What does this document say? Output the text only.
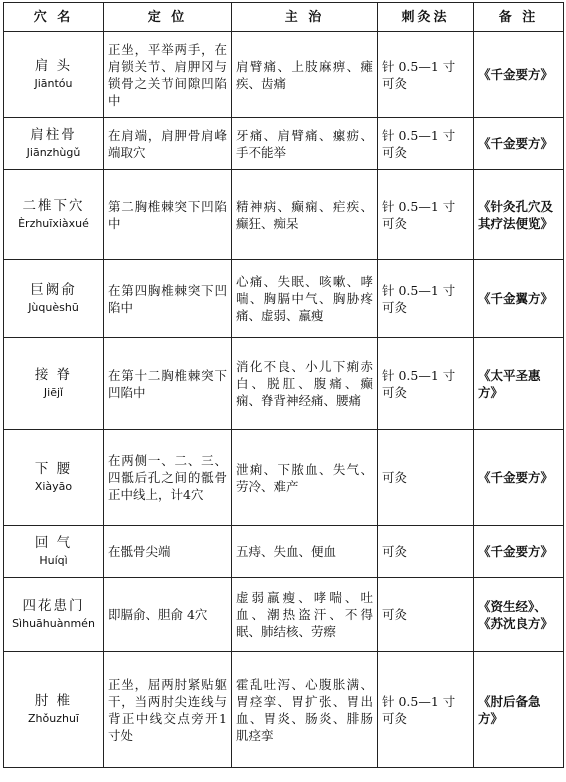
穴 名	定 位	主 治	刺灸法	备 注

肩 头
Jiāntóu	正坐，平举两手，在肩锁关节、肩胛冈与锁骨之关节间隙凹陷中	肩臂痛、上肢麻痹、瘫疾、齿痛	针 0.5—1 寸 可灸	《千金要方》

肩柱骨
Jiānzhùgǔ	在肩端，肩胛骨肩峰端取穴	牙痛、肩臂痛、瘰疬、手不能举	针 0.5—1 寸 可灸	《千金要方》

二椎下穴
Èrzhuīxiàxué	第二胸椎棘突下凹陷中	精神病、癫痫、疟疾、癫狂、痴呆	针 0.5—1 寸 可灸	《针灸孔穴及其疗法便览》

巨阙俞
Jùquèshū	在第四胸椎棘突下凹陷中	心痛、失眠、咳嗽、哮喘、胸膈中气、胸胁疼痛、虚弱、羸瘦	针 0.5—1 寸 可灸	《千金翼方》

接 脊
Jiējǐ	在第十二胸椎棘突下凹陷中	消化不良、小儿下痢赤白、脱肛、腹痛、癫痫、脊背神经痛、腰痛	针 0.5—1 寸 可灸	《太平圣惠方》

下 腰
Xiàyāo	在两侧一、二、三、四骶后孔之间的骶骨正中线上，计4穴	泄痢、下脓血、失气、劳冷、难产	可灸	《千金要方》

回 气
Huíqì	在骶骨尖端	五痔、失血、便血	可灸	《千金要方》

四花患门
Sìhuāhuànmén	即膈俞、胆俞 4穴	虚弱羸瘦、哮喘、吐血、潮热盗汗、不得眠、肺结核、劳瘵	可灸	《资生经》、《苏沈良方》

肘 椎
Zhǒuzhuī	正坐，屈两肘紧贴躯干，当两肘尖连线与背正中线交点旁开1寸处	霍乱吐泻、心腹胀满、胃痉挛、胃扩张、胃出血、胃炎、肠炎、腓肠肌痉挛	针 0.5—1 寸 可灸	《肘后备急方》
